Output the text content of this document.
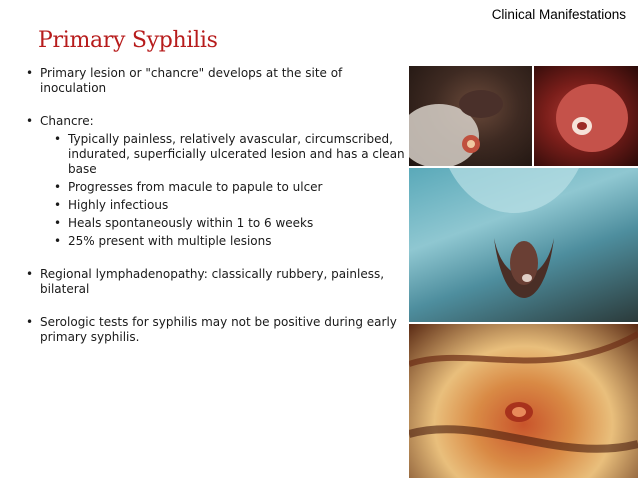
Clinical Manifestations
Primary Syphilis
• Primary lesion or "chancre" develops at the site of inoculation
• Chancre:
• Typically painless, relatively avascular, circumscribed, indurated, superficially ulcerated lesion and has a clean base
• Progresses from macule to papule to ulcer
• Highly infectious
• Heals spontaneously within 1 to 6 weeks
• 25% present with multiple lesions
• Regional lymphadenopathy: classically rubbery, painless, bilateral
• Serologic tests for syphilis may not be positive during early primary syphilis.
